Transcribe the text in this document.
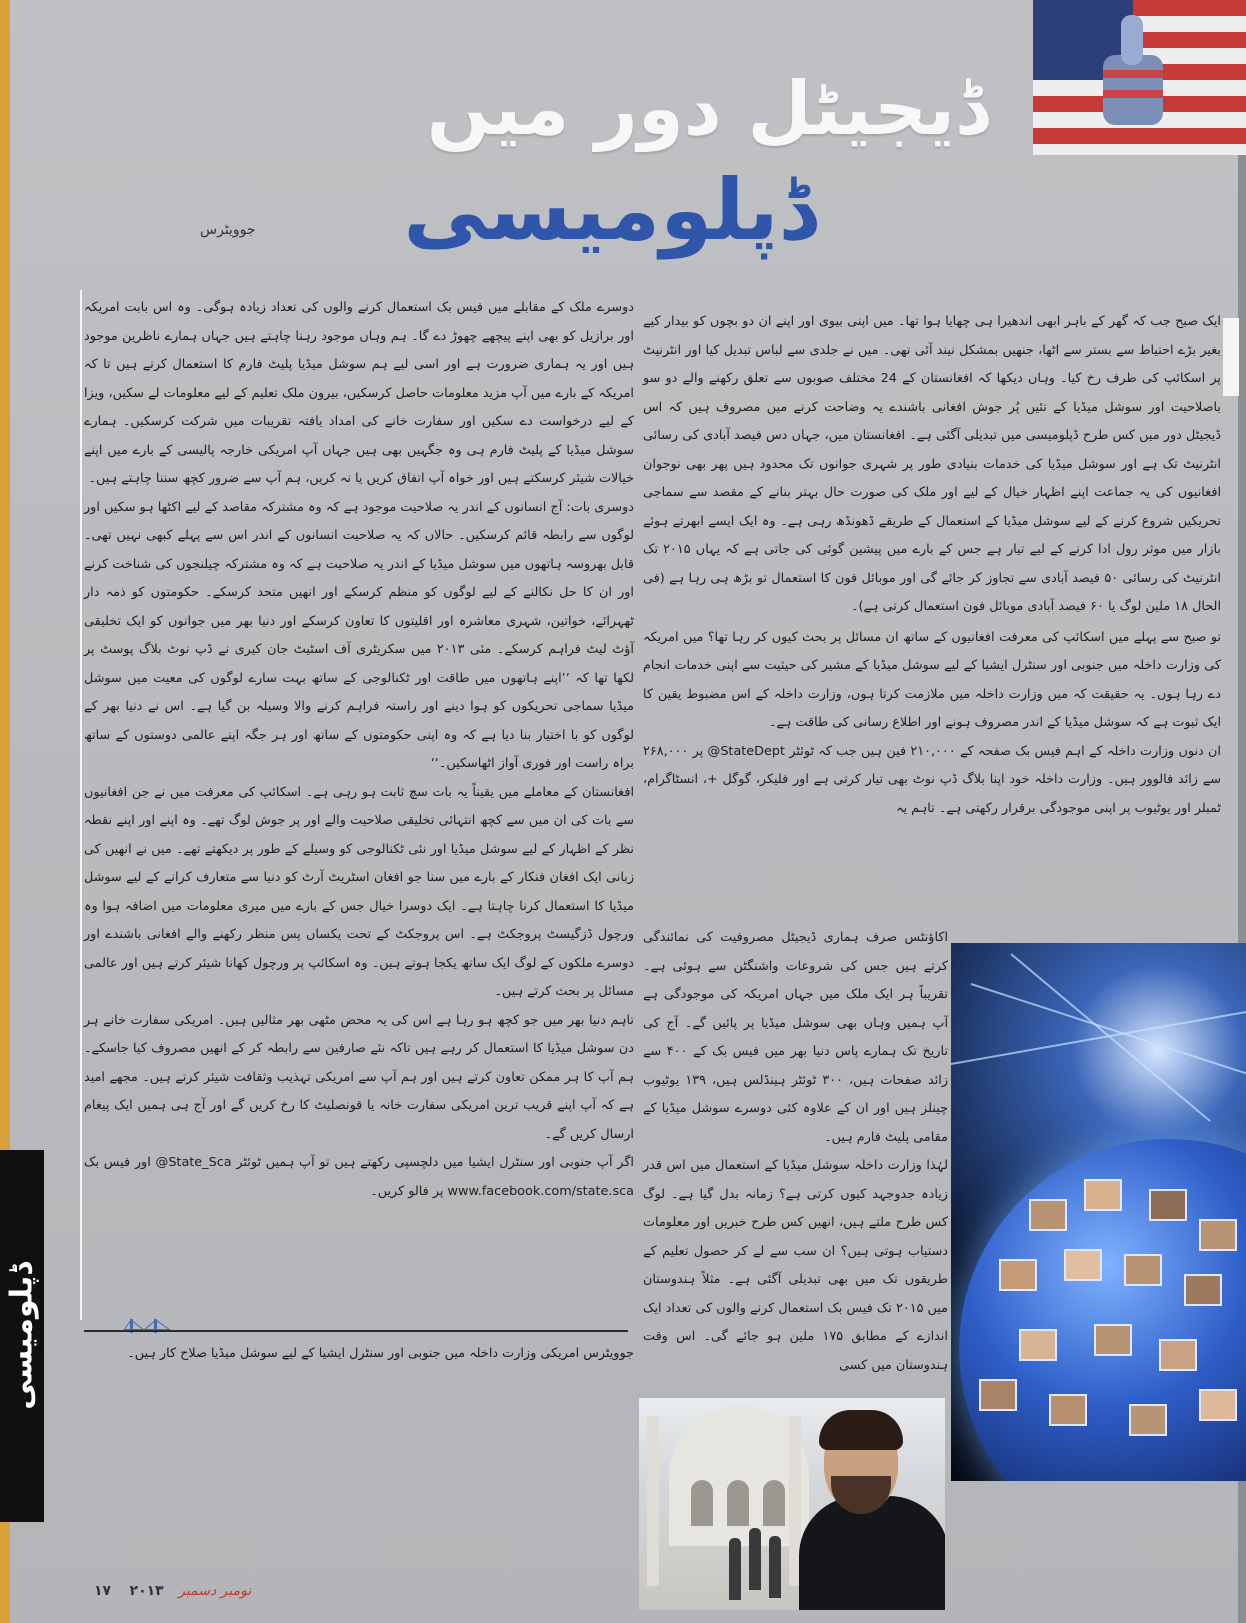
ڈیجیٹل دور میں
ڈپلومیسی
جوویٹرس

ایک صبح جب کہ گھر کے باہر ابھی اندھیرا ہی چھایا ہوا تھا۔ میں اپنی بیوی اور اپنے ان دو بچوں کو بیدار کیے بغیر بڑے احتیاط سے بستر سے اٹھا، جنھیں بمشکل نیند آئی تھی۔ میں نے جلدی سے لباس تبدیل کیا اور انٹرنیٹ پر اسکائپ کی طرف رخ کیا۔ وہاں دیکھا کہ افغانستان کے 24 مختلف صوبوں سے تعلق رکھنے والے دو سو باصلاحیت اور سوشل میڈیا کے تئیں پُر جوش افغانی باشندے یہ وضاحت کرنے میں مصروف ہیں کہ اس ڈیجیٹل دور میں کس طرح ڈپلومیسی میں تبدیلی آگئی ہے۔ افغانستان میں، جہاں دس فیصد آبادی کی رسائی انٹرنیٹ تک ہے اور سوشل میڈیا کی خدمات بنیادی طور پر شہری جوانوں تک محدود ہیں پھر بھی نوجوان افغانیوں کی یہ جماعت اپنے اظہار خیال کے لیے اور ملک کی صورت حال بہتر بنانے کے مقصد سے سماجی تحریکیں شروع کرنے کے لیے سوشل میڈیا کے استعمال کے طریقے ڈھونڈھ رہی ہے۔ وہ ایک ایسے ابھرتے ہوئے بازار میں موثر رول ادا کرنے کے لیے تیار ہے جس کے بارے میں پیشین گوئی کی جاتی ہے کہ یہاں ۲۰۱۵ تک انٹرنیٹ کی رسائی ۵۰ فیصد آبادی سے تجاوز کر جائے گی اور موبائل فون کا استعمال تو بڑھ ہی رہا ہے (فی الحال ۱۸ ملین لوگ یا ۶۰ فیصد آبادی موبائل فون استعمال کرتی ہے)۔

تو صبح سے پہلے میں اسکائپ کی معرفت افغانیوں کے ساتھ ان مسائل پر بحث کیوں کر رہا تھا؟ میں امریکہ کی وزارت داخلہ میں جنوبی اور سنٹرل ایشیا کے لیے سوشل میڈیا کے مشیر کی حیثیت سے اپنی خدمات انجام دے رہا ہوں۔ یہ حقیقت کہ میں وزارت داخلہ میں ملازمت کرتا ہوں، وزارت داخلہ کے اس مضبوط یقین کا ایک ثبوت ہے کہ سوشل میڈیا کے اندر مصروف ہونے اور اطلاع رسانی کی طاقت ہے۔

ان دنوں وزارت داخلہ کے اہم فیس بک صفحہ کے ۲۱۰,۰۰۰ فین ہیں جب کہ ٹوئٹر StateDept@ پر ۲۶۸,۰۰۰ سے زائد فالوور ہیں۔ وزارت داخلہ خود اپنا بلاگ ڈپ نوٹ بھی تیار کرتی ہے اور فلیکر، گوگل +، انسٹاگرام، ٹمبلر اور یوٹیوب پر اپنی موجودگی برقرار رکھتی ہے۔ تاہم یہ

اکاؤنٹس صرف ہماری ڈیجیٹل مصروفیت کی نمائندگی کرتے ہیں جس کی شروعات واشنگٹن سے ہوئی ہے۔ تقریباً ہر ایک ملک میں جہاں امریکہ کی موجودگی ہے آپ ہمیں وہاں بھی سوشل میڈیا پر پائیں گے۔ آج کی تاریخ تک ہمارے پاس دنیا بھر میں فیس بک کے ۴۰۰ سے زائد صفحات ہیں، ۳۰۰ ٹوئٹر ہینڈلس ہیں، ۱۳۹ یوٹیوب چینلز ہیں اور ان کے علاوہ کئی دوسرے سوشل میڈیا کے مقامی پلیٹ فارم ہیں۔

لہٰذا وزارت داخلہ سوشل میڈیا کے استعمال میں اس قدر زیادہ جدوجہد کیوں کرتی ہے؟ زمانہ بدل گیا ہے۔ لوگ کس طرح ملتے ہیں، انھیں کس طرح خبریں اور معلومات دستیاب ہوتی ہیں؟ ان سب سے لے کر حصول تعلیم کے طریقوں تک میں بھی تبدیلی آگئی ہے۔ مثلاً ہندوستان میں ۲۰۱۵ تک فیس بک استعمال کرنے والوں کی تعداد ایک اندازے کے مطابق ۱۷۵ ملین ہو جائے گی۔ اس وقت ہندوستان میں کسی

دوسرے ملک کے مقابلے میں فیس بک استعمال کرنے والوں کی تعداد زیادہ ہوگی۔ وہ اس بابت امریکہ اور برازیل کو بھی اپنے پیچھے چھوڑ دے گا۔ ہم وہاں موجود رہنا چاہتے ہیں جہاں ہمارے ناظرین موجود ہیں اور یہ ہماری ضرورت ہے اور اسی لیے ہم سوشل میڈیا پلیٹ فارم کا استعمال کرتے ہیں تا کہ امریکہ کے بارے میں آپ مزید معلومات حاصل کرسکیں، بیرون ملک تعلیم کے لیے معلومات لے سکیں، ویزا کے لیے درخواست دے سکیں اور سفارت خانے کی امداد یافتہ تقریبات میں شرکت کرسکیں۔ ہمارے سوشل میڈیا کے پلیٹ فارم ہی وہ جگہیں بھی ہیں جہاں آپ امریکی خارجہ پالیسی کے بارے میں اپنے خیالات شیئر کرسکتے ہیں اور خواہ آپ اتفاق کریں یا نہ کریں، ہم آپ سے ضرور کچھ سننا چاہتے ہیں۔

دوسری بات: آج انسانوں کے اندر یہ صلاحیت موجود ہے کہ وہ مشترکہ مقاصد کے لیے اکٹھا ہو سکیں اور لوگوں سے رابطہ قائم کرسکیں۔ حالاں کہ یہ صلاحیت انسانوں کے اندر اس سے پہلے کبھی نہیں تھی۔ قابل بھروسہ ہاتھوں میں سوشل میڈیا کے اندر یہ صلاحیت ہے کہ وہ مشترکہ چیلنجوں کی شناخت کرنے اور ان کا حل نکالنے کے لیے لوگوں کو منظم کرسکے اور انھیں متحد کرسکے۔ حکومتوں کو ذمہ دار ٹھہرائے، خواتین، شہری معاشرہ اور اقلیتوں کا تعاون کرسکے اور دنیا بھر میں جوانوں کو ایک تخلیقی آؤٹ لیٹ فراہم کرسکے۔ مئی ۲۰۱۳ میں سکریٹری آف اسٹیٹ جان کیری نے ڈپ نوٹ بلاگ پوسٹ پر لکھا تھا کہ ’’اپنے ہاتھوں میں طاقت اور ٹکنالوجی کے ساتھ بہت سارے لوگوں کی معیت میں سوشل میڈیا سماجی تحریکوں کو ہوا دینے اور راستہ فراہم کرنے والا وسیلہ بن گیا ہے۔ اس نے دنیا بھر کے لوگوں کو با اختیار بنا دیا ہے کہ وہ اپنی حکومتوں کے ساتھ اور ہر جگہ اپنے عالمی دوستوں کے ساتھ براہ راست اور فوری آواز اٹھاسکیں۔‘‘

افغانستان کے معاملے میں یقیناً یہ بات سچ ثابت ہو رہی ہے۔ اسکائپ کی معرفت میں نے جن افغانیوں سے بات کی ان میں سے کچھ انتہائی تخلیقی صلاحیت والے اور پر جوش لوگ تھے۔ وہ اپنے اور اپنے نقطہ نظر کے اظہار کے لیے سوشل میڈیا اور نئی ٹکنالوجی کو وسیلے کے طور پر دیکھتے تھے۔ میں نے انھیں کی زبانی ایک افغان فنکار کے بارے میں سنا جو افغان اسٹریٹ آرٹ کو دنیا سے متعارف کرانے کے لیے سوشل میڈیا کا استعمال کرنا چاہتا ہے۔ ایک دوسرا خیال جس کے بارے میں میری معلومات میں اضافہ ہوا وہ ورچول ڈزگیسٹ پروجکٹ ہے۔ اس پروجکٹ کے تحت یکساں پس منظر رکھنے والے افغانی باشندے اور دوسرے ملکوں کے لوگ ایک ساتھ یکجا ہوتے ہیں۔ وہ اسکائپ پر ورچول کھانا شیئر کرتے ہیں اور عالمی مسائل پر بحث کرتے ہیں۔

تاہم دنیا بھر میں جو کچھ ہو رہا ہے اس کی یہ محض مٹھی بھر مثالیں ہیں۔ امریکی سفارت خانے ہر دن سوشل میڈیا کا استعمال کر رہے ہیں تاکہ نئے صارفین سے رابطہ کر کے انھیں مصروف کیا جاسکے۔ ہم آپ کا ہر ممکن تعاون کرتے ہیں اور ہم آپ سے امریکی تہذیب وثقافت شیئر کرتے ہیں۔ مجھے امید ہے کہ آپ اپنے قریب ترین امریکی سفارت خانہ یا قونصلیٹ کا رخ کریں گے اور آج ہی ہمیں ایک پیغام ارسال کریں گے۔

اگر آپ جنوبی اور سنٹرل ایشیا میں دلچسپی رکھتے ہیں تو آپ ہمیں ٹوئٹر State_Sca@ اور فیس بک www.facebook.com/state.sca پر فالو کریں۔

جوویٹرس امریکی وزارت داخلہ میں جنوبی اور سنٹرل ایشیا کے لیے سوشل میڈیا صلاح کار ہیں۔
ڈپلومیسی
نومبر دسمبر ۲۰۱۳ ۱۷
